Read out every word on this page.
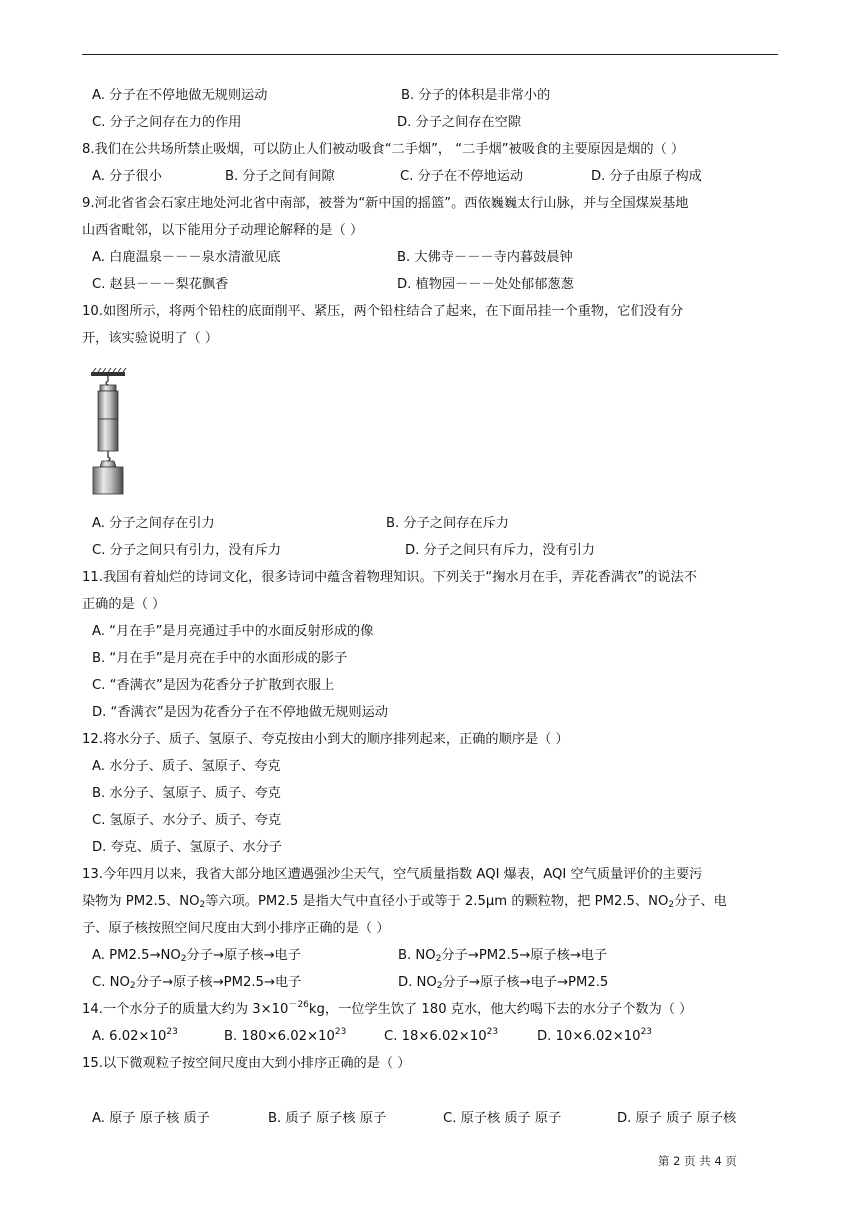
A. 分子在不停地做无规则运动	B. 分子的体积是非常小的
C. 分子之间存在力的作用	D. 分子之间存在空隙
8.我们在公共场所禁止吸烟，可以防止人们被动吸食“二手烟”， “二手烟”被吸食的主要原因是烟的（ ）
A. 分子很小	B. 分子之间有间隙	C. 分子在不停地运动	D. 分子由原子构成
9.河北省省会石家庄地处河北省中南部，被誉为“新中国的摇篮”。西依巍巍太行山脉，并与全国煤炭基地
山西省毗邻，以下能用分子动理论解释的是（ ）
A. 白鹿温泉－－－泉水清澈见底	B. 大佛寺－－－寺内暮鼓晨钟
C. 赵县－－－梨花飘香	D. 植物园－－－处处郁郁葱葱
10.如图所示，将两个铅柱的底面削平、紧压，两个铅柱结合了起来，在下面吊挂一个重物，它们没有分
开，该实验说明了（ ）
A. 分子之间存在引力	B. 分子之间存在斥力
C. 分子之间只有引力，没有斥力	D. 分子之间只有斥力，没有引力
11.我国有着灿烂的诗词文化，很多诗词中蕴含着物理知识。下列关于“掬水月在手，弄花香满衣”的说法不
正确的是（ ）
A. “月在手”是月亮通过手中的水面反射形成的像
B. “月在手”是月亮在手中的水面形成的影子
C. “香满衣”是因为花香分子扩散到衣服上
D. “香满衣”是因为花香分子在不停地做无规则运动
12.将水分子、质子、氢原子、夸克按由小到大的顺序排列起来，正确的顺序是（ ）
A. 水分子、质子、氢原子、夸克
B. 水分子、氢原子、质子、夸克
C. 氢原子、水分子、质子、夸克
D. 夸克、质子、氢原子、水分子
13.今年四月以来，我省大部分地区遭遇强沙尘天气，空气质量指数 AQI 爆表，AQI 空气质量评价的主要污
染物为 PM2.5、$NO_2$等六项。PM2.5 是指大气中直径小于或等于 2.5μm 的颗粒物，把 PM2.5、$NO_2$分子、电
子、原子核按照空间尺度由大到小排序正确的是（ ）
A. $PM2.5\to NO_2$分子→原子核→电子	B. $NO_2$分子→PM2.5→原子核→电子
C. $NO_2$分子→原子核→PM2.5→电子	D. $NO_2$分子→原子核→电子→PM2.5
14.一个水分子的质量大约为 $3\times 10^{-26}kg$，一位学生饮了 180 克水，他大约喝下去的水分子个数为（ ）
A. $6.02\times 10^{23}$	B. $180\times 6.02\times 10^{23}$	C. $18\times 6.02\times 10^{23}$	D. $10\times 6.02\times 10^{23}$
15.以下微观粒子按空间尺度由大到小排序正确的是（ ）
A. 原子 原子核 质子	B. 质子 原子核 原子	C. 原子核 质子 原子	D. 原子 质子 原子核
第 2 页 共 4 页
